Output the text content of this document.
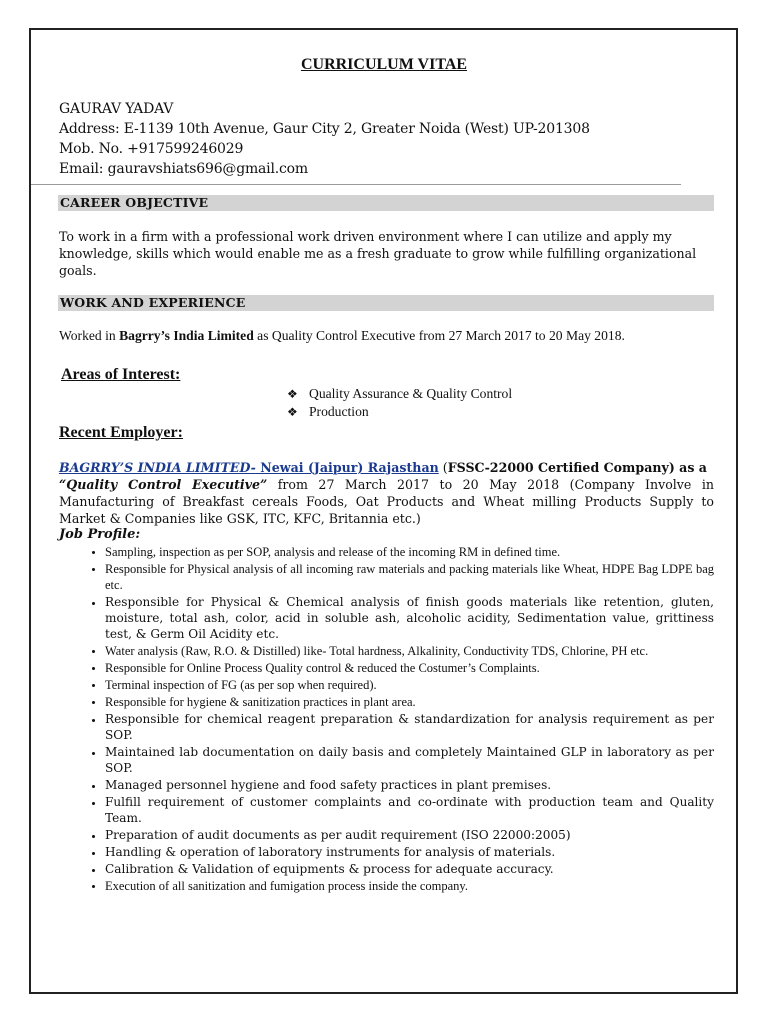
CURRICULUM VITAE
GAURAV YADAV
Address: E-1139 10th Avenue, Gaur City 2, Greater Noida (West) UP-201308
Mob. No. +917599246029
Email: gauravshiats696@gmail.com
CAREER OBJECTIVE
To work in a firm with a professional work driven environment where I can utilize and apply my knowledge, skills which would enable me as a fresh graduate to grow while fulfilling organizational goals.
WORK AND EXPERIENCE
Worked in Bagrry’s India Limited as Quality Control Executive from 27 March 2017 to 20 May 2018.
Areas of Interest:
❖ Quality Assurance & Quality Control
❖ Production
Recent Employer:
BAGRRY’S INDIA LIMITED- Newai (Jaipur) Rajasthan (FSSC-22000 Certified Company) as a
“Quality Control Executive” from 27 March 2017 to 20 May 2018 (Company Involve in Manufacturing of Breakfast cereals Foods, Oat Products and Wheat milling Products Supply to Market & Companies like GSK, ITC, KFC, Britannia etc.)
Job Profile:
• Sampling, inspection as per SOP, analysis and release of the incoming RM in defined time.
• Responsible for Physical analysis of all incoming raw materials and packing materials like Wheat, HDPE Bag LDPE bag etc.
• Responsible for Physical & Chemical analysis of finish goods materials like retention, gluten, moisture, total ash, color, acid in soluble ash, alcoholic acidity, Sedimentation value, grittiness test, & Germ Oil Acidity etc.
• Water analysis (Raw, R.O. & Distilled) like- Total hardness, Alkalinity, Conductivity TDS, Chlorine, PH etc.
• Responsible for Online Process Quality control & reduced the Costumer’s Complaints.
• Terminal inspection of FG (as per sop when required).
• Responsible for hygiene & sanitization practices in plant area.
• Responsible for chemical reagent preparation & standardization for analysis requirement as per SOP.
• Maintained lab documentation on daily basis and completely Maintained GLP in laboratory as per SOP.
• Managed personnel hygiene and food safety practices in plant premises.
• Fulfill requirement of customer complaints and co-ordinate with production team and Quality Team.
• Preparation of audit documents as per audit requirement (ISO 22000:2005)
• Handling & operation of laboratory instruments for analysis of materials.
• Calibration & Validation of equipments & process for adequate accuracy.
• Execution of all sanitization and fumigation process inside the company.
